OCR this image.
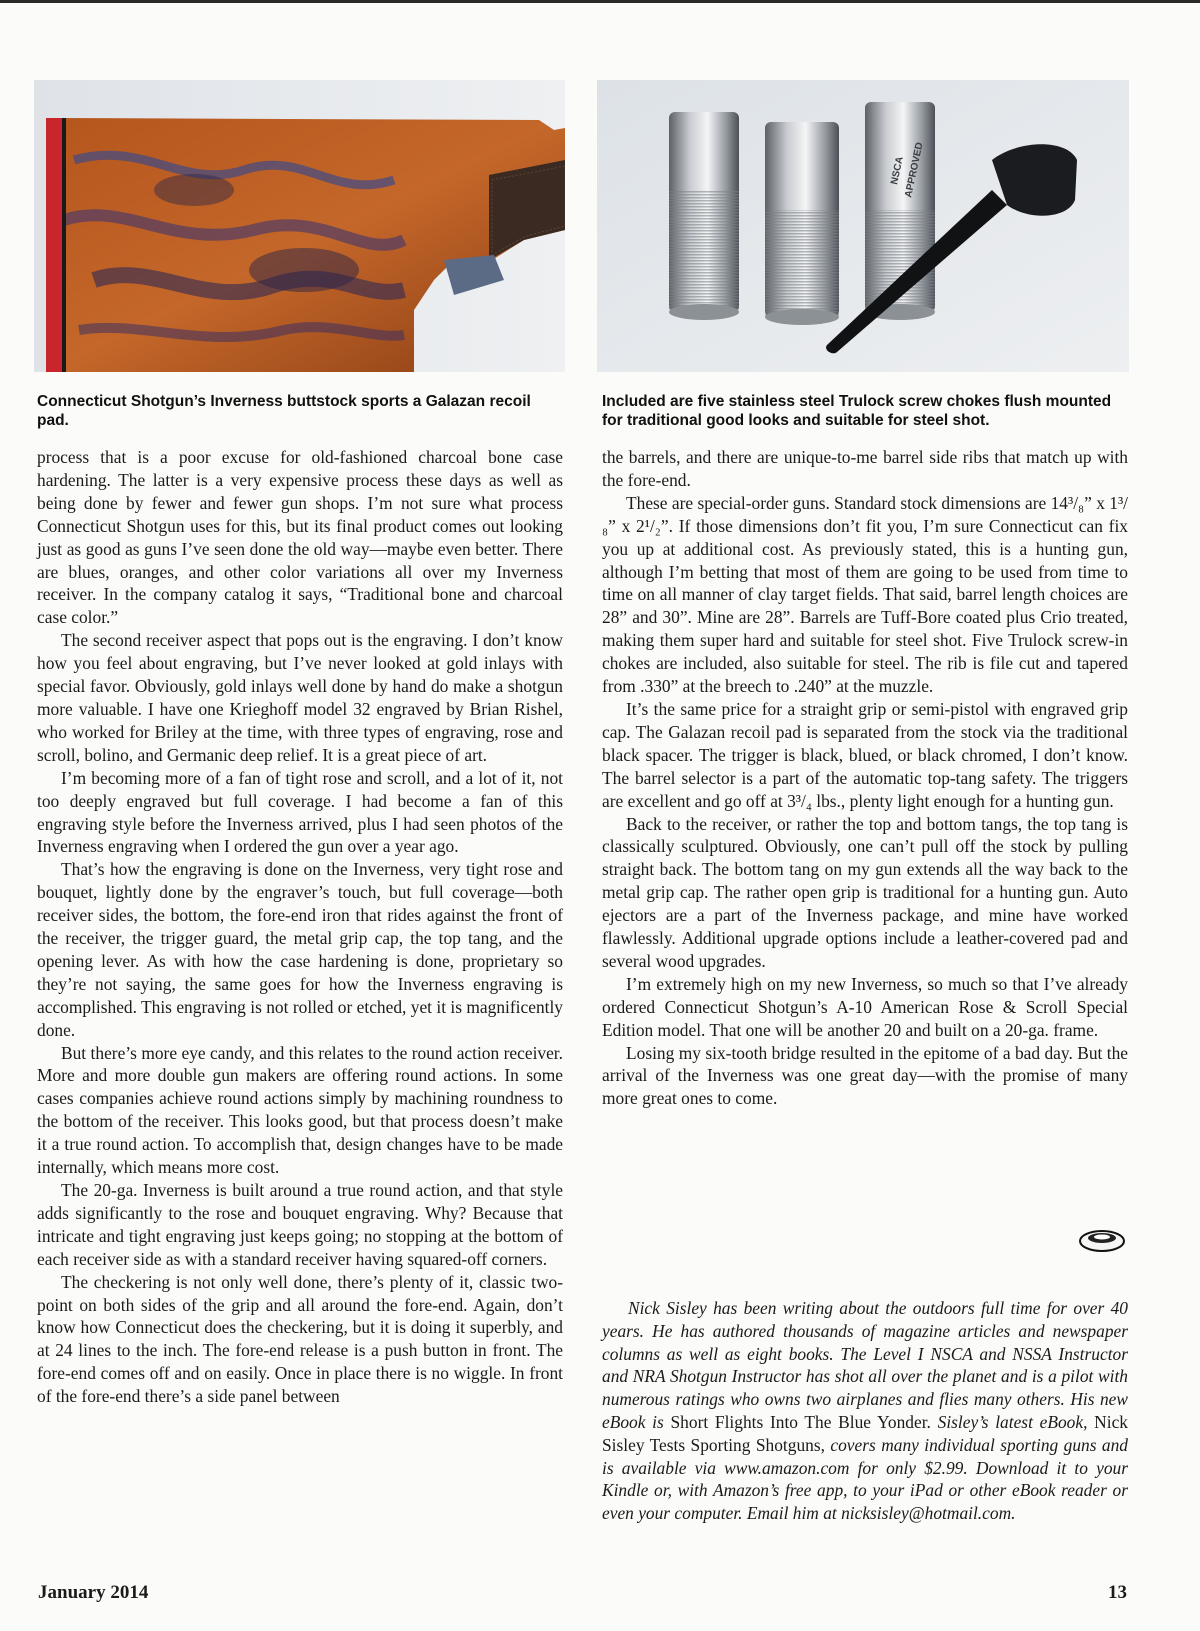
NSCA
APPROVED
Connecticut Shotgun’s Inverness buttstock sports a Galazan recoil pad.
Included are five stainless steel Trulock screw chokes flush mounted for traditional good looks and suitable for steel shot.

process that is a poor excuse for old-fashioned charcoal bone case hardening. The latter is a very expensive process these days as well as being done by fewer and fewer gun shops. I’m not sure what process Connecticut Shotgun uses for this, but its final product comes out looking just as good as guns I’ve seen done the old way—maybe even better. There are blues, oranges, and other color variations all over my Inverness receiver. In the company catalog it says, “Traditional bone and charcoal case color.”

The second receiver aspect that pops out is the engraving. I don’t know how you feel about engraving, but I’ve never looked at gold inlays with special favor. Obviously, gold inlays well done by hand do make a shotgun more valuable. I have one Krieghoff model 32 engraved by Brian Rishel, who worked for Briley at the time, with three types of engraving, rose and scroll, bolino, and Germanic deep relief. It is a great piece of art.

I’m becoming more of a fan of tight rose and scroll, and a lot of it, not too deeply engraved but full coverage. I had become a fan of this engraving style before the Inverness arrived, plus I had seen photos of the Inverness engraving when I ordered the gun over a year ago.

That’s how the engraving is done on the Inverness, very tight rose and bouquet, lightly done by the engraver’s touch, but full coverage—both receiver sides, the bottom, the fore-end iron that rides against the front of the receiver, the trigger guard, the metal grip cap, the top tang, and the opening lever. As with how the case hardening is done, proprietary so they’re not saying, the same goes for how the Inverness engraving is accomplished. This engraving is not rolled or etched, yet it is magnificently done.

But there’s more eye candy, and this relates to the round action receiver. More and more double gun makers are offering round actions. In some cases companies achieve round actions simply by machining roundness to the bottom of the receiver. This looks good, but that process doesn’t make it a true round action. To accomplish that, design changes have to be made internally, which means more cost.

The 20-ga. Inverness is built around a true round action, and that style adds significantly to the rose and bouquet engraving. Why? Because that intricate and tight engraving just keeps going; no stopping at the bottom of each receiver side as with a standard receiver having squared-off corners.

The checkering is not only well done, there’s plenty of it, classic two-point on both sides of the grip and all around the fore-end. Again, don’t know how Connecticut does the checkering, but it is doing it superbly, and at 24 lines to the inch. The fore-end release is a push button in front. The fore-end comes off and on easily. Once in place there is no wiggle. In front of the fore-end there’s a side panel between

the barrels, and there are unique-to-me barrel side ribs that match up with the fore-end.

These are special-order guns. Standard stock dimensions are 14³/₈” x 1³/₈” x 2¹/₂”. If those dimensions don’t fit you, I’m sure Connecticut can fix you up at additional cost. As previously stated, this is a hunting gun, although I’m betting that most of them are going to be used from time to time on all manner of clay target fields. That said, barrel length choices are 28” and 30”. Mine are 28”. Barrels are Tuff-Bore coated plus Crio treated, making them super hard and suitable for steel shot. Five Trulock screw-in chokes are included, also suitable for steel. The rib is file cut and tapered from .330” at the breech to .240” at the muzzle.

It’s the same price for a straight grip or semi-pistol with engraved grip cap. The Galazan recoil pad is separated from the stock via the traditional black spacer. The trigger is black, blued, or black chromed, I don’t know. The barrel selector is a part of the automatic top-tang safety. The triggers are excellent and go off at 3³/₄ lbs., plenty light enough for a hunting gun.

Back to the receiver, or rather the top and bottom tangs, the top tang is classically sculptured. Obviously, one can’t pull off the stock by pulling straight back. The bottom tang on my gun extends all the way back to the metal grip cap. The rather open grip is traditional for a hunting gun. Auto ejectors are a part of the Inverness package, and mine have worked flawlessly. Additional upgrade options include a leather-covered pad and several wood upgrades.

I’m extremely high on my new Inverness, so much so that I’ve already ordered Connecticut Shotgun’s A-10 American Rose & Scroll Special Edition model. That one will be another 20 and built on a 20-ga. frame.

Losing my six-tooth bridge resulted in the epitome of a bad day. But the arrival of the Inverness was one great day—with the promise of many more great ones to come.

Nick Sisley has been writing about the outdoors full time for over 40 years. He has authored thousands of magazine articles and newspaper columns as well as eight books. The Level I NSCA and NSSA Instructor and NRA Shotgun Instructor has shot all over the planet and is a pilot with numerous ratings who owns two airplanes and flies many others. His new eBook is Short Flights Into The Blue Yonder. Sisley’s latest eBook, Nick Sisley Tests Sporting Shotguns, covers many individual sporting guns and is available via www.amazon.com for only $2.99. Download it to your Kindle or, with Amazon’s free app, to your iPad or other eBook reader or even your computer. Email him at nicksisley@hotmail.com.

January 2014	13
